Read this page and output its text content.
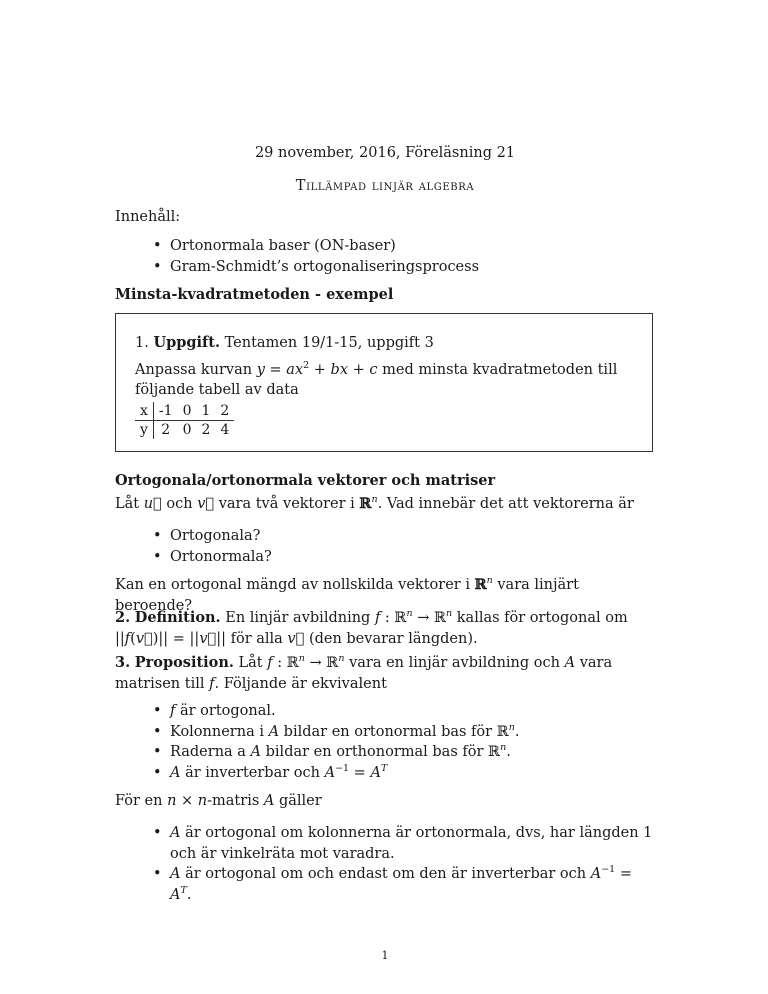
29 november, 2016, Föreläsning 21
Tillämpad linjär algebra

Innehåll:

• Ortonormala baser (ON-baser)
• Gram-Schmidt’s ortogonaliseringsprocess

Minsta-kvadratmetoden - exempel

1. Uppgift. Tentamen 19/1-15, uppgift 3
Anpassa kurvan $y = ax^2$ + bx + c med minsta kvadratmetoden till följande tabell av data
x	-1	0	1	2
y	2	0	2	4

Ortogonala/ortonormala vektorer och matriser

Låt u⃗ och v⃗ vara två vektorer i ℝ$^n$. Vad innebär det att vektorerna är

• Ortogonala?
• Ortonormala?

Kan en ortogonal mängd av nollskilda vektorer i ℝ$^n$ vara linjärt beroende?

2. Definition. En linjär avbildning f : ℝ$^n$ → ℝ$^n$ kallas för ortogonal om ||f(v⃗)|| = ||v⃗|| för alla v⃗ (den bevarar längden).

3. Proposition. Låt f : ℝ$^n$ → ℝ$^n$ vara en linjär avbildning och A vara matrisen till f. Följande är ekvivalent

• f är ortogonal.
• Kolonnerna i A bildar en ortonormal bas för ℝ$^n$.
• Raderna a A bildar en orthonormal bas för ℝ$^n$.
• A är inverterbar och $A^{-1} = A^T$

För en n × n-matris A gäller

• A är ortogonal om kolonnerna är ortonormala, dvs, har längden 1 och är vinkelräta mot varadra.
• A är ortogonal om och endast om den är inverterbar och $A^{-1} = A^T$.
1
